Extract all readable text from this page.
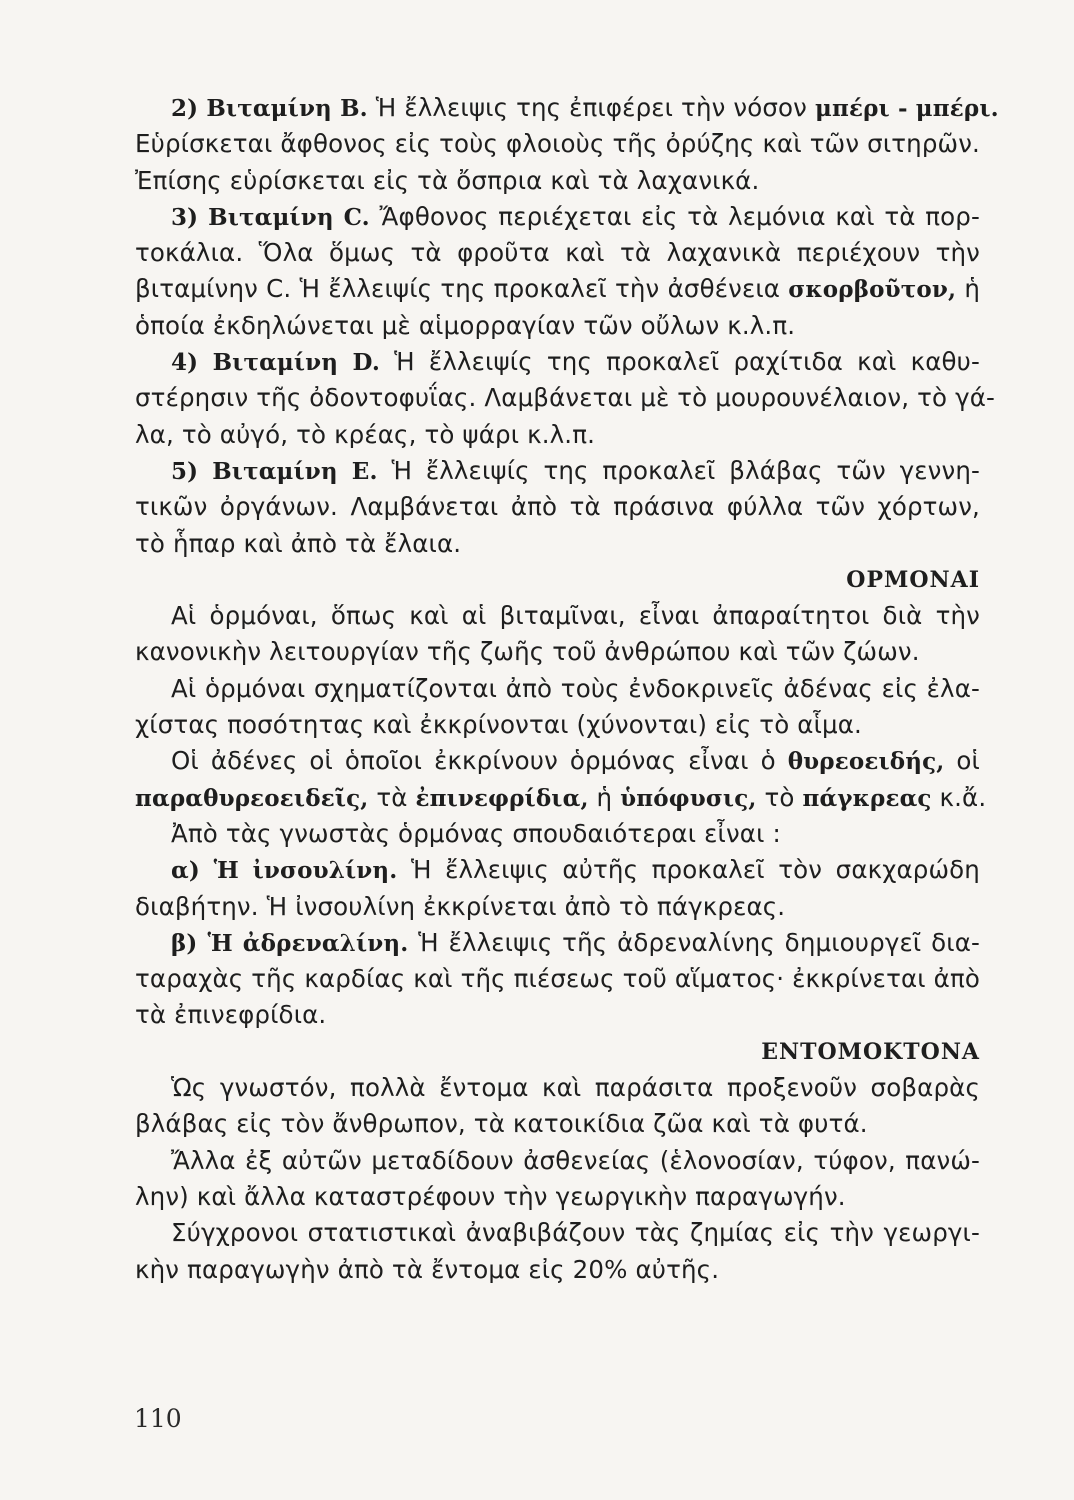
2) Βιταμίνη Β. Ἡ ἔλλειψις της ἐπιφέρει τὴν νόσον μπέρι - μπέρι.
Εὑρίσκεται ἄφθονος εἰς τοὺς φλοιοὺς τῆς ὀρύζης καὶ τῶν σιτηρῶν.
Ἐπίσης εὑρίσκεται εἰς τὰ ὄσπρια καὶ τὰ λαχανικά.
3) Βιταμίνη C. Ἄφθονος περιέχεται εἰς τὰ λεμόνια καὶ τὰ πορ-
τοκάλια. Ὅλα ὅμως τὰ φροῦτα καὶ τὰ λαχανικὰ περιέχουν τὴν
βιταμίνην C. Ἡ ἔλλειψίς της προκαλεῖ τὴν ἀσθένεια σκορβοῦτον, ἡ
ὁποία ἐκδηλώνεται μὲ αἱμορραγίαν τῶν οὔλων κ.λ.π.
4) Βιταμίνη D. Ἡ ἔλλειψίς της προκαλεῖ ραχίτιδα καὶ καθυ-
στέρησιν τῆς ὀδοντοφυΐας. Λαμβάνεται μὲ τὸ μουρουνέλαιον, τὸ γά-
λα, τὸ αὐγό, τὸ κρέας, τὸ ψάρι κ.λ.π.
5) Βιταμίνη Ε. Ἡ ἔλλειψίς της προκαλεῖ βλάβας τῶν γεννη-
τικῶν ὀργάνων. Λαμβάνεται ἀπὸ τὰ πράσινα φύλλα τῶν χόρτων,
τὸ ἧπαρ καὶ ἀπὸ τὰ ἔλαια.
ΟΡΜΟΝΑΙ
Αἱ ὁρμόναι, ὅπως καὶ αἱ βιταμῖναι, εἶναι ἀπαραίτητοι διὰ τὴν
κανονικὴν λειτουργίαν τῆς ζωῆς τοῦ ἀνθρώπου καὶ τῶν ζώων.
Αἱ ὁρμόναι σχηματίζονται ἀπὸ τοὺς ἐνδοκρινεῖς ἀδένας εἰς ἐλα-
χίστας ποσότητας καὶ ἐκκρίνονται (χύνονται) εἰς τὸ αἷμα.
Οἱ ἀδένες οἱ ὁποῖοι ἐκκρίνουν ὁρμόνας εἶναι ὁ θυρεοειδής, οἱ
παραθυρεοειδεῖς, τὰ ἐπινεφρίδια, ἡ ὑπόφυσις, τὸ πάγκρεας κ.ἄ.
Ἀπὸ τὰς γνωστὰς ὁρμόνας σπουδαιότεραι εἶναι :
α) Ἡ ἰνσουλίνη. Ἡ ἔλλειψις αὐτῆς προκαλεῖ τὸν σακχαρώδη
διαβήτην. Ἡ ἰνσουλίνη ἐκκρίνεται ἀπὸ τὸ πάγκρεας.
β) Ἡ ἀδρεναλίνη. Ἡ ἔλλειψις τῆς ἀδρεναλίνης δημιουργεῖ δια-
ταραχὰς τῆς καρδίας καὶ τῆς πιέσεως τοῦ αἵματος· ἐκκρίνεται ἀπὸ
τὰ ἐπινεφρίδια.
ΕΝΤΟΜΟΚΤΟΝΑ
Ὡς γνωστόν, πολλὰ ἔντομα καὶ παράσιτα προξενοῦν σοβαρὰς
βλάβας εἰς τὸν ἄνθρωπον, τὰ κατοικίδια ζῶα καὶ τὰ φυτά.
Ἄλλα ἐξ αὐτῶν μεταδίδουν ἀσθενείας (ἑλονοσίαν, τύφον, πανώ-
λην) καὶ ἄλλα καταστρέφουν τὴν γεωργικὴν παραγωγήν.
Σύγχρονοι στατιστικαὶ ἀναβιβάζουν τὰς ζημίας εἰς τὴν γεωργι-
κὴν παραγωγὴν ἀπὸ τὰ ἔντομα εἰς 20% αὐτῆς.
110
